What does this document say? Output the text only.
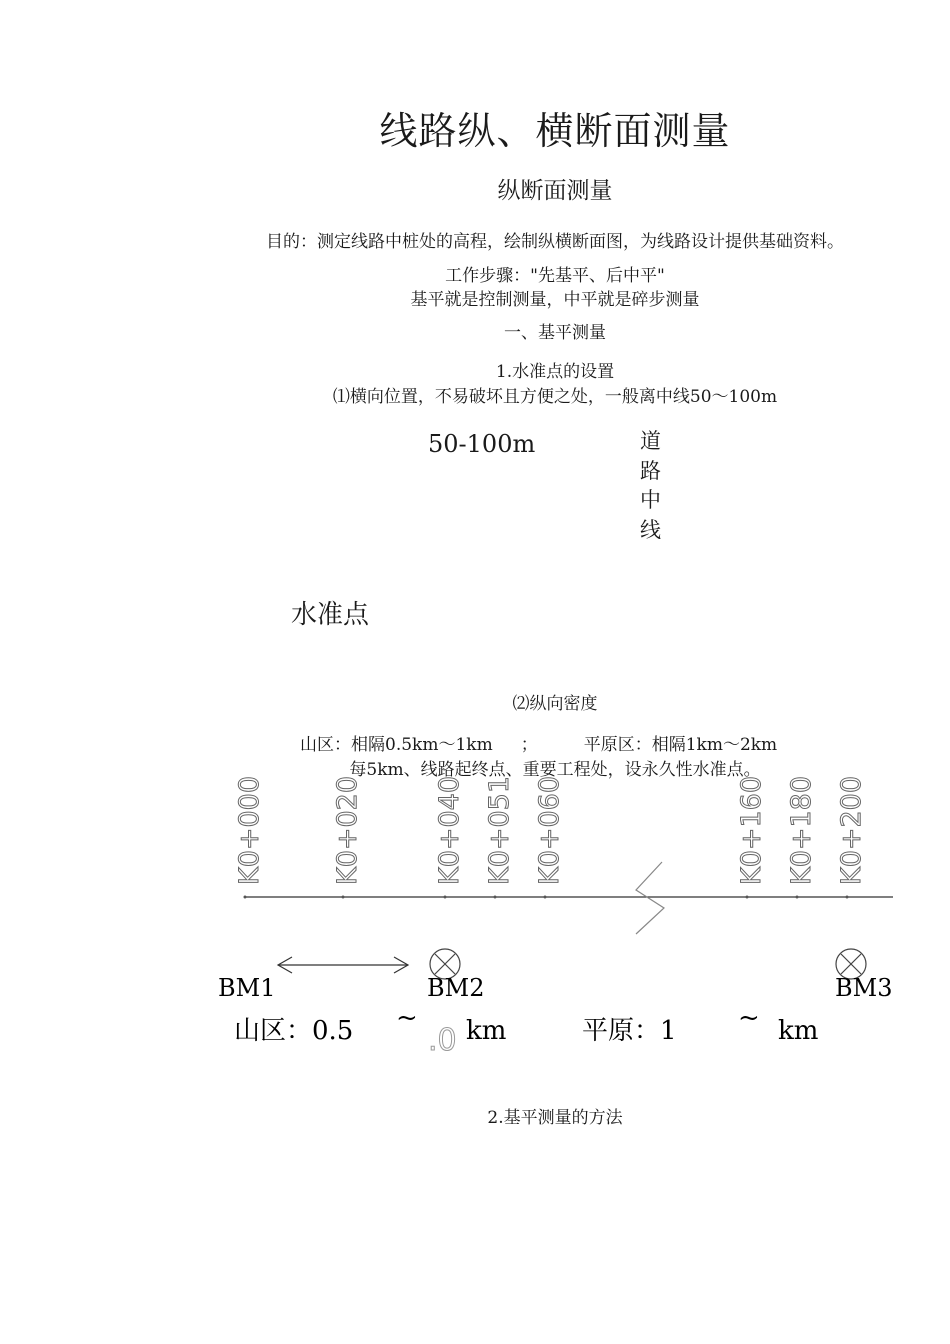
线路纵、横断面测量
纵断面测量
目的：测定线路中桩处的高程，绘制纵横断面图，为线路设计提供基础资料。
工作步骤："先基平、后中平"
基平就是控制测量，中平就是碎步测量
一、基平测量
1.水准点的设置
⑴横向位置，不易破坏且方便之处，一般离中线50～100m
50-100m	道路中线
水准点
⑵纵向密度
山区：相隔0.5km～1km ；	平原区：相隔1km～2km
每5km、线路起终点、重要工程处，设永久性水准点。
K0+000 K0+020	K0+040 K0+051 K0+060	K0+160 K0+180 K0+200
BM1	BM2	BM3
山区：0.5 ~
.0 km	平原：1 ~ km
2.基平测量的方法
